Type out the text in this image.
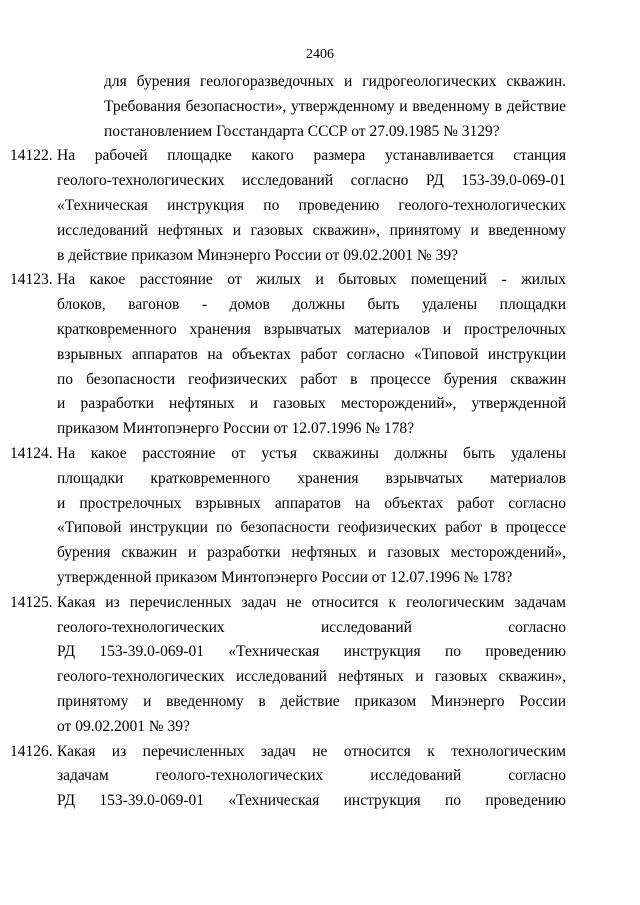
2406
для бурения геологоразведочных и гидрогеологических скважин.
Требования безопасности», утвержденному и введенному в действие
постановлением Госстандарта СССР от 27.09.1985 № 3129?
14122. На рабочей площадке какого размера устанавливается станция
геолого-технологических исследований согласно РД 153-39.0-069-01
«Техническая инструкция по проведению геолого-технологических
исследований нефтяных и газовых скважин», принятому и введенному
в действие приказом Минэнерго России от 09.02.2001 № 39?
14123. На какое расстояние от жилых и бытовых помещений - жилых
блоков, вагонов - домов должны быть удалены площадки
кратковременного хранения взрывчатых материалов и прострелочных
взрывных аппаратов на объектах работ согласно «Типовой инструкции
по безопасности геофизических работ в процессе бурения скважин
и разработки нефтяных и газовых месторождений», утвержденной
приказом Минтопэнерго России от 12.07.1996 № 178?
14124. На какое расстояние от устья скважины должны быть удалены
площадки кратковременного хранения взрывчатых материалов
и прострелочных взрывных аппаратов на объектах работ согласно
«Типовой инструкции по безопасности геофизических работ в процессе
бурения скважин и разработки нефтяных и газовых месторождений»,
утвержденной приказом Минтопэнерго России от 12.07.1996 № 178?
14125. Какая из перечисленных задач не относится к геологическим задачам
геолого-технологических исследований согласно
РД 153-39.0-069-01 «Техническая инструкция по проведению
геолого-технологических исследований нефтяных и газовых скважин»,
принятому и введенному в действие приказом Минэнерго России
от 09.02.2001 № 39?
14126. Какая из перечисленных задач не относится к технологическим
задачам геолого-технологических исследований согласно
РД 153-39.0-069-01 «Техническая инструкция по проведению
